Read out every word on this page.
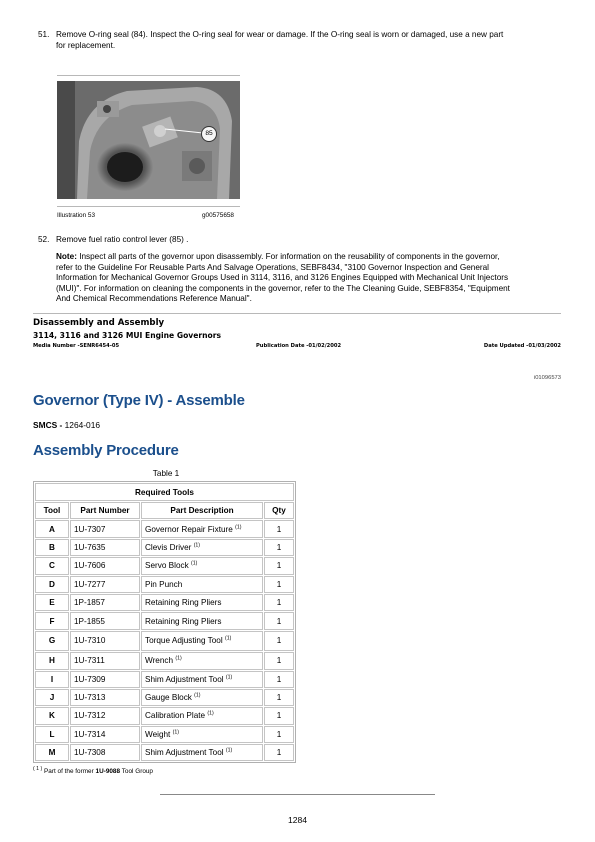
51. Remove O-ring seal (84). Inspect the O-ring seal for wear or damage. If the O-ring seal is worn or damaged, use a new part
for replacement.
85
Illustration 53	g00575658
52. Remove fuel ratio control lever (85) .
Note: Inspect all parts of the governor upon disassembly. For information on the reusability of components in the governor,
refer to the Guideline For Reusable Parts And Salvage Operations, SEBF8434, "3100 Governor Inspection and General
Information for Mechanical Governor Groups Used in 3114, 3116, and 3126 Engines Equipped with Mechanical Unit Injectors
(MUI)". For information on cleaning the components in the governor, refer to the The Cleaning Guide, SEBF8354, "Equipment
And Chemical Recommendations Reference Manual".
Disassembly and Assembly
3114, 3116 and 3126 MUI Engine Governors
Media Number -SENR6454-05	Publication Date -01/02/2002	Date Updated -01/03/2002
i01096573
Governor (Type IV) - Assemble
SMCS - 1264-016
Assembly Procedure
Table 1
Required Tools			
Tool	Part Number	Part Description	Qty
A	1U-7307	Governor Repair Fixture $^{(1)}$	1
B	1U-7635	Clevis Driver $^{(1)}$	1
C	1U-7606	Servo Block $^{(1)}$	1
D	1U-7277	Pin Punch	1
E	1P-1857	Retaining Ring Pliers	1
F	1P-1855	Retaining Ring Pliers	1
G	1U-7310	Torque Adjusting Tool $^{(1)}$	1
H	1U-7311	Wrench $^{(1)}$	1
I	1U-7309	Shim Adjustment Tool $^{(1)}$	1
J	1U-7313	Gauge Block $^{(1)}$	1
K	1U-7312	Calibration Plate $^{(1)}$	1
L	1U-7314	Weight $^{(1)}$	1
M	1U-7308	Shim Adjustment Tool $^{(1)}$	1
$^{( 1 )}$ Part of the former 1U-9088 Tool Group
1284
